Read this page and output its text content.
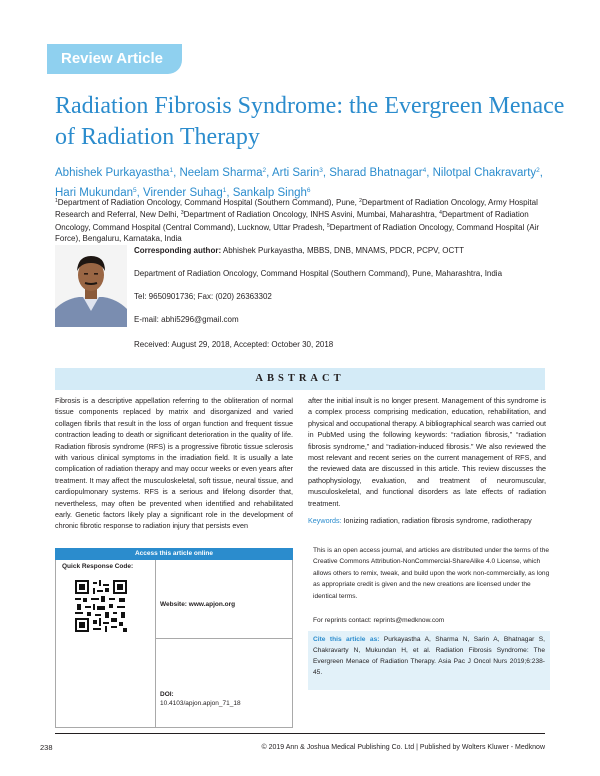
Review Article
Radiation Fibrosis Syndrome: the Evergreen Menace of Radiation Therapy
Abhishek Purkayastha$^1$, Neelam Sharma$^2$, Arti Sarin$^3$, Sharad Bhatnagar$^4$, Nilotpal Chakravarty$^2$,
Hari Mukundan$^5$, Virender Suhag$^1$, Sankalp Singh$^6$
$^1$Department of Radiation Oncology, Command Hospital (Southern Command), Pune, $^2$Department of Radiation Oncology, Army Hospital Research and Referral, New Delhi, $^3$Department of Radiation Oncology, INHS Asvini, Mumbai, Maharashtra, $^4$Department of Radiation Oncology, Command Hospital (Central Command), Lucknow, Uttar Pradesh, $^5$Department of Radiation Oncology, Command Hospital (Air Force), Bengaluru, Karnataka, India
Corresponding author: Abhishek Purkayastha, MBBS, DNB, MNAMS, PDCR, PCPV, OCTT
Department of Radiation Oncology, Command Hospital (Southern Command), Pune, Maharashtra, India
Tel: 9650901736; Fax: (020) 26363302
E-mail: abhi5296@gmail.com
Received: August 29, 2018, Accepted: October 30, 2018
ABSTRACT

Fibrosis is a descriptive appellation referring to the obliteration of normal tissue components replaced by matrix and disorganized and varied collagen fibrils that result in the loss of organ function and frequent tissue contraction leading to death or significant deterioration in the quality of life. Radiation fibrosis syndrome (RFS) is a progressive fibrotic tissue sclerosis with various clinical symptoms in the irradiation field. It is usually a late complication of radiation therapy and may occur weeks or even years after treatment. It may affect the musculoskeletal, soft tissue, neural tissue, and cardiopulmonary systems. RFS is a serious and lifelong disorder that, nevertheless, may often be prevented when identified and rehabilitated early. Genetic factors likely play a significant role in the development of chronic fibrotic response to radiation injury that persists even

after the initial insult is no longer present. Management of this syndrome is a complex process comprising medication, education, rehabilitation, and physical and occupational therapy. A bibliographical search was carried out in PubMed using the following keywords: “radiation fibrosis,” “radiation fibrosis syndrome,” and “radiation-induced fibrosis.” We also reviewed the most relevant and recent series on the current management of RFS, and the reviewed data are discussed in this article. This review discusses the pathophysiology, evaluation, and treatment of neuromuscular, musculoskeletal, and functional disorders as late effects of radiation treatment.

Keywords: Ionizing radiation, radiation fibrosis syndrome, radiotherapy

Access this article online
Quick Response Code:
Website: www.apjon.org
DOI:
10.4103/apjon.apjon_71_18
This is an open access journal, and articles are distributed under the terms of the Creative Commons Attribution-NonCommercial-ShareAlike 4.0 License, which allows others to remix, tweak, and build upon the work non-commercially, as long as appropriate credit is given and the new creations are licensed under the identical terms.
For reprints contact: reprints@medknow.com
Cite this article as: Purkayastha A, Sharma N, Sarin A, Bhatnagar S, Chakravarty N, Mukundan H, et al. Radiation Fibrosis Syndrome: The Evergreen Menace of Radiation Therapy. Asia Pac J Oncol Nurs 2019;6:238-45.
238	© 2019 Ann & Joshua Medical Publishing Co. Ltd | Published by Wolters Kluwer - Medknow
